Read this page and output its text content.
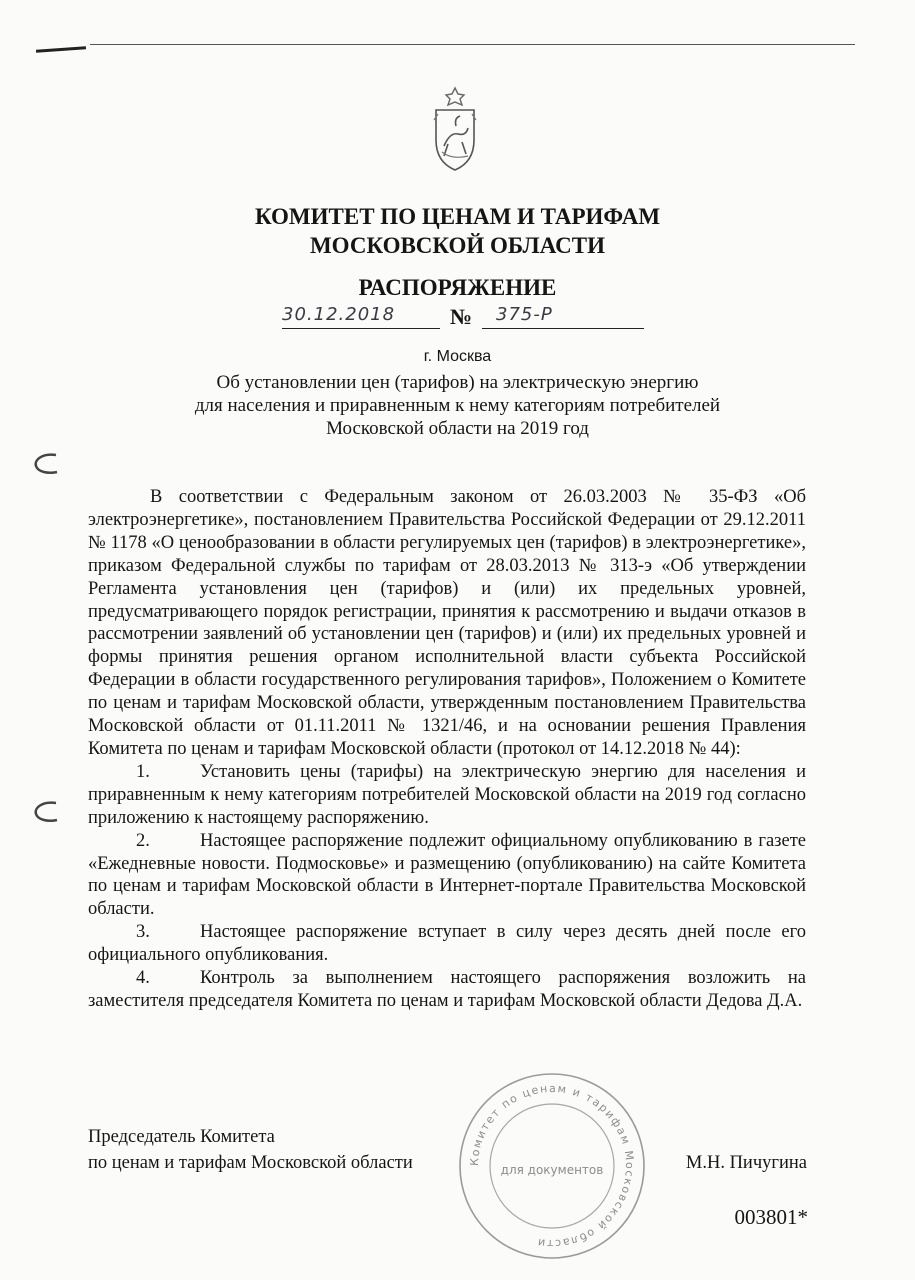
КОМИТЕТ ПО ЦЕНАМ И ТАРИФАМ
МОСКОВСКОЙ ОБЛАСТИ
РАСПОРЯЖЕНИЕ
30.12.2018	№	375-Р
г. Москва
Об установлении цен (тарифов) на электрическую энергию
для населения и приравненным к нему категориям потребителей
Московской области на 2019 год

В соответствии с Федеральным законом от 26.03.2003 № 35-ФЗ «Об электроэнергетике», постановлением Правительства Российской Федерации от 29.12.2011 № 1178 «О ценообразовании в области регулируемых цен (тарифов) в электроэнергетике», приказом Федеральной службы по тарифам от 28.03.2013 № 313-э «Об утверждении Регламента установления цен (тарифов) и (или) их предельных уровней, предусматривающего порядок регистрации, принятия к рассмотрению и выдачи отказов в рассмотрении заявлений об установлении цен (тарифов) и (или) их предельных уровней и формы принятия решения органом исполнительной власти субъекта Российской Федерации в области государственного регулирования тарифов», Положением о Комитете по ценам и тарифам Московской области, утвержденным постановлением Правительства Московской области от 01.11.2011 № 1321/46, и на основании решения Правления Комитета по ценам и тарифам Московской области (протокол от 14.12.2018 № 44):

1.	Установить цены (тарифы) на электрическую энергию для населения и приравненным к нему категориям потребителей Московской области на 2019 год согласно приложению к настоящему распоряжению.

2.	Настоящее распоряжение подлежит официальному опубликованию в газете «Ежедневные новости. Подмосковье» и размещению (опубликованию) на сайте Комитета по ценам и тарифам Московской области в Интернет-портале Правительства Московской области.

3.	Настоящее распоряжение вступает в силу через десять дней после его официального опубликования.

4.	Контроль за выполнением настоящего распоряжения возложить на заместителя председателя Комитета по ценам и тарифам Московской области Дедова Д.А.

Комитет по ценам и тарифам Московской области
для документов
Председатель Комитета
по ценам и тарифам Московской области	М.Н. Пичугина
003801*
